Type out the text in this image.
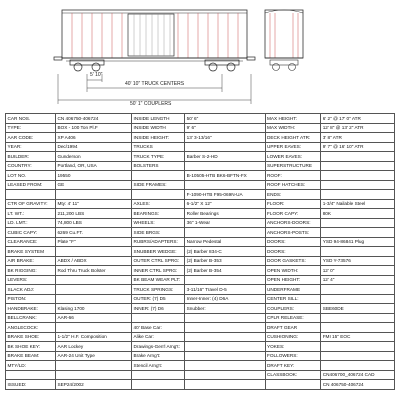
5' 10"
40' 10" TRUCK CENTERS
50' 1" COUPLERS
CAR NOS.	CN 406750-406724	INSIDE LENGTH	50' 6"	MAX HEIGHT:	6' 2" @ 17' 0" ATR
TYPE:	BOX - 100 Ton Pl.F	INSIDE WIDTH	9' 6"	MAX WIDTH:	12' 8" @ 13' 2" ATR
AAR CODE:	XP A406	INSIDE HEIGHT:	13' 3-13/16"	DECK HEIGHT ATR:	3' 8" ATR
YEAR:	Dec/1994	TRUCKS		UPPER EAVES:	9' 7" @ 16' 10" ATR
BUILDER:	Gunderson	TRUCK TYPE:	Barber S-2-HD	LOWER EAVES:	
COUNTRY:	Portland, OR, USA	BOLSTERS		SUPERSTRUCTURE	
LOT NO.	19550		B-10505-HTB BK6-BFTN-FX	ROOF:	
LEASED FROM:	GE	SIDE FRAMES:		ROOF HATCHES:	
			F-1090-HTB F95-069N-UA	ENDS:	
CTR OF GRAVITY:	Mty: 4' 11"	AXLES:	6-1/2" X 12"	FLOOR:	1-3/4" Nailable Steel
LT. WT.:	211,200 LBS	BEARINGS:	Roller Bearings	FLOOR CAPY:	80K
LD. LMT.:	74,800 LBS	WHEELS:	36" 1-Wear	ANCHORS-DOORS:	
CUBIC CAPY:	6269 Cu.FT.	SIDE BRGS:		ANCHORS-POSTS:	
CLEARANCE:	Plate "F"	RUBRS/ADAPTERS:	Narrow Pedestal	DOORS:	YSD 94-86841 Plug
BRAKE SYSTEM		SNUBBER WEDGE:	(2) Barber 834-C	DOORS:	
AIR BRAKE:	ABDX / ABDX	OUTER CTRL SPRG:	(2) Barber B-353	DOOR GASKETS:	YSD Y-73576
BK RIGGING:	Rod Thru Truck Bolster	INNER CTRL SPRG:	(2) Barber B-354	OPEN WIDTH:	12' 0"
LEVERS:		BK BEAM WEAR PLT:		OPEN HEIGHT:	12' 4"
SLACK ADJ:		TRUCK SPRINGS:	3-11/16" Travel D-5	UNDERFRAME	
PISTON:		OUTER: (7) D5	Inner-Inner: (4) D6A	CENTER SILL:	
HANDBRAKE:	Klasing 1700	INNER: (7) D6	Snubber:	COUPLERS:	SBE60DE
BELLCRANK:	AAR-66			CPLR RELEASE:	
ANGLECOCK:		40' Base Car:		DRAFT GEAR	
BRAKE SHOE:	1-1/2" H.F. Composition	Alike Car:		CUSHIONING:	FMI 15" EOC
BK SHOE KEY:	AAR Lockey	Drawings-Gen'l Arng't:		YOKES:	
BRAKE BEAM:	AAR-24 Unit Type	Brake Arng't:		FOLLOWERS:	
MTY/LD:		Stencil Arng't:		DRAFT KEY:	
				CLASSBOOK:	CN406700_406724 CAD
ISSUED:	SEP24/2002				CN 406750-406724
